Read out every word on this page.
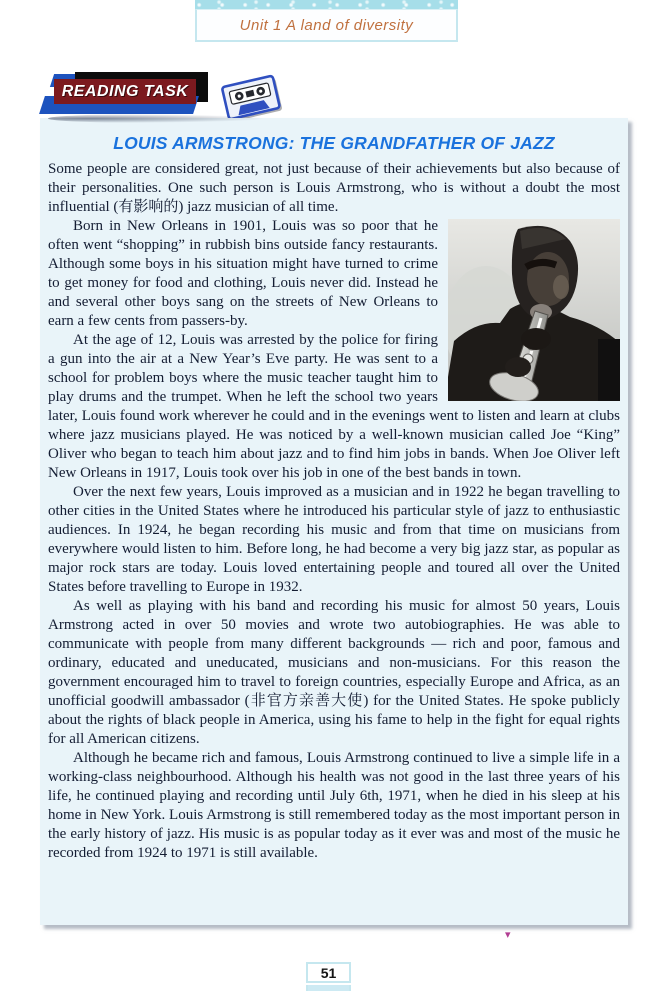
Unit 1 A land of diversity
READING TASK
LOUIS ARMSTRONG: THE GRANDFATHER OF JAZZ

Some people are considered great, not just because of their achievements but also because of their personalities. One such person is Louis Armstrong, who is without a doubt the most influential (有影响的) jazz musician of all time.

Born in New Orleans in 1901, Louis was so poor that he often went “shopping” in rubbish bins outside fancy restaurants. Although some boys in his situation might have turned to crime to get money for food and clothing, Louis never did. Instead he and several other boys sang on the streets of New Orleans to earn a few cents from passers-by.

At the age of 12, Louis was arrested by the police for firing a gun into the air at a New Year’s Eve party. He was sent to a school for problem boys where the music teacher taught him to play drums and the trumpet. When he left the school two years later, Louis found work wherever he could and in the evenings went to listen and learn at clubs where jazz musicians played. He was noticed by a well-known musician called Joe “King” Oliver who began to teach him about jazz and to find him jobs in bands. When Joe Oliver left New Orleans in 1917, Louis took over his job in one of the best bands in town.

Over the next few years, Louis improved as a musician and in 1922 he began travelling to other cities in the United States where he introduced his particular style of jazz to enthusiastic audiences. In 1924, he began recording his music and from that time on musicians from everywhere would listen to him. Before long, he had become a very big jazz star, as popular as major rock stars are today. Louis loved entertaining people and toured all over the United States before travelling to Europe in 1932.

As well as playing with his band and recording his music for almost 50 years, Louis Armstrong acted in over 50 movies and wrote two autobiographies. He was able to communicate with people from many different backgrounds — rich and poor, famous and ordinary, educated and uneducated, musicians and non-musicians. For this reason the government encouraged him to travel to foreign countries, especially Europe and Africa, as an unofficial goodwill ambassador (非官方亲善大使) for the United States. He spoke publicly about the rights of black people in America, using his fame to help in the fight for equal rights for all American citizens.

Although he became rich and famous, Louis Armstrong continued to live a simple life in a working-class neighbourhood. Although his health was not good in the last three years of his life, he continued playing and recording until July 6th, 1971, when he died in his sleep at his home in New York. Louis Armstrong is still remembered today as the most important person in the early history of jazz. His music is as popular today as it ever was and most of the music he recorded from 1924 to 1971 is still available.

▾
51
